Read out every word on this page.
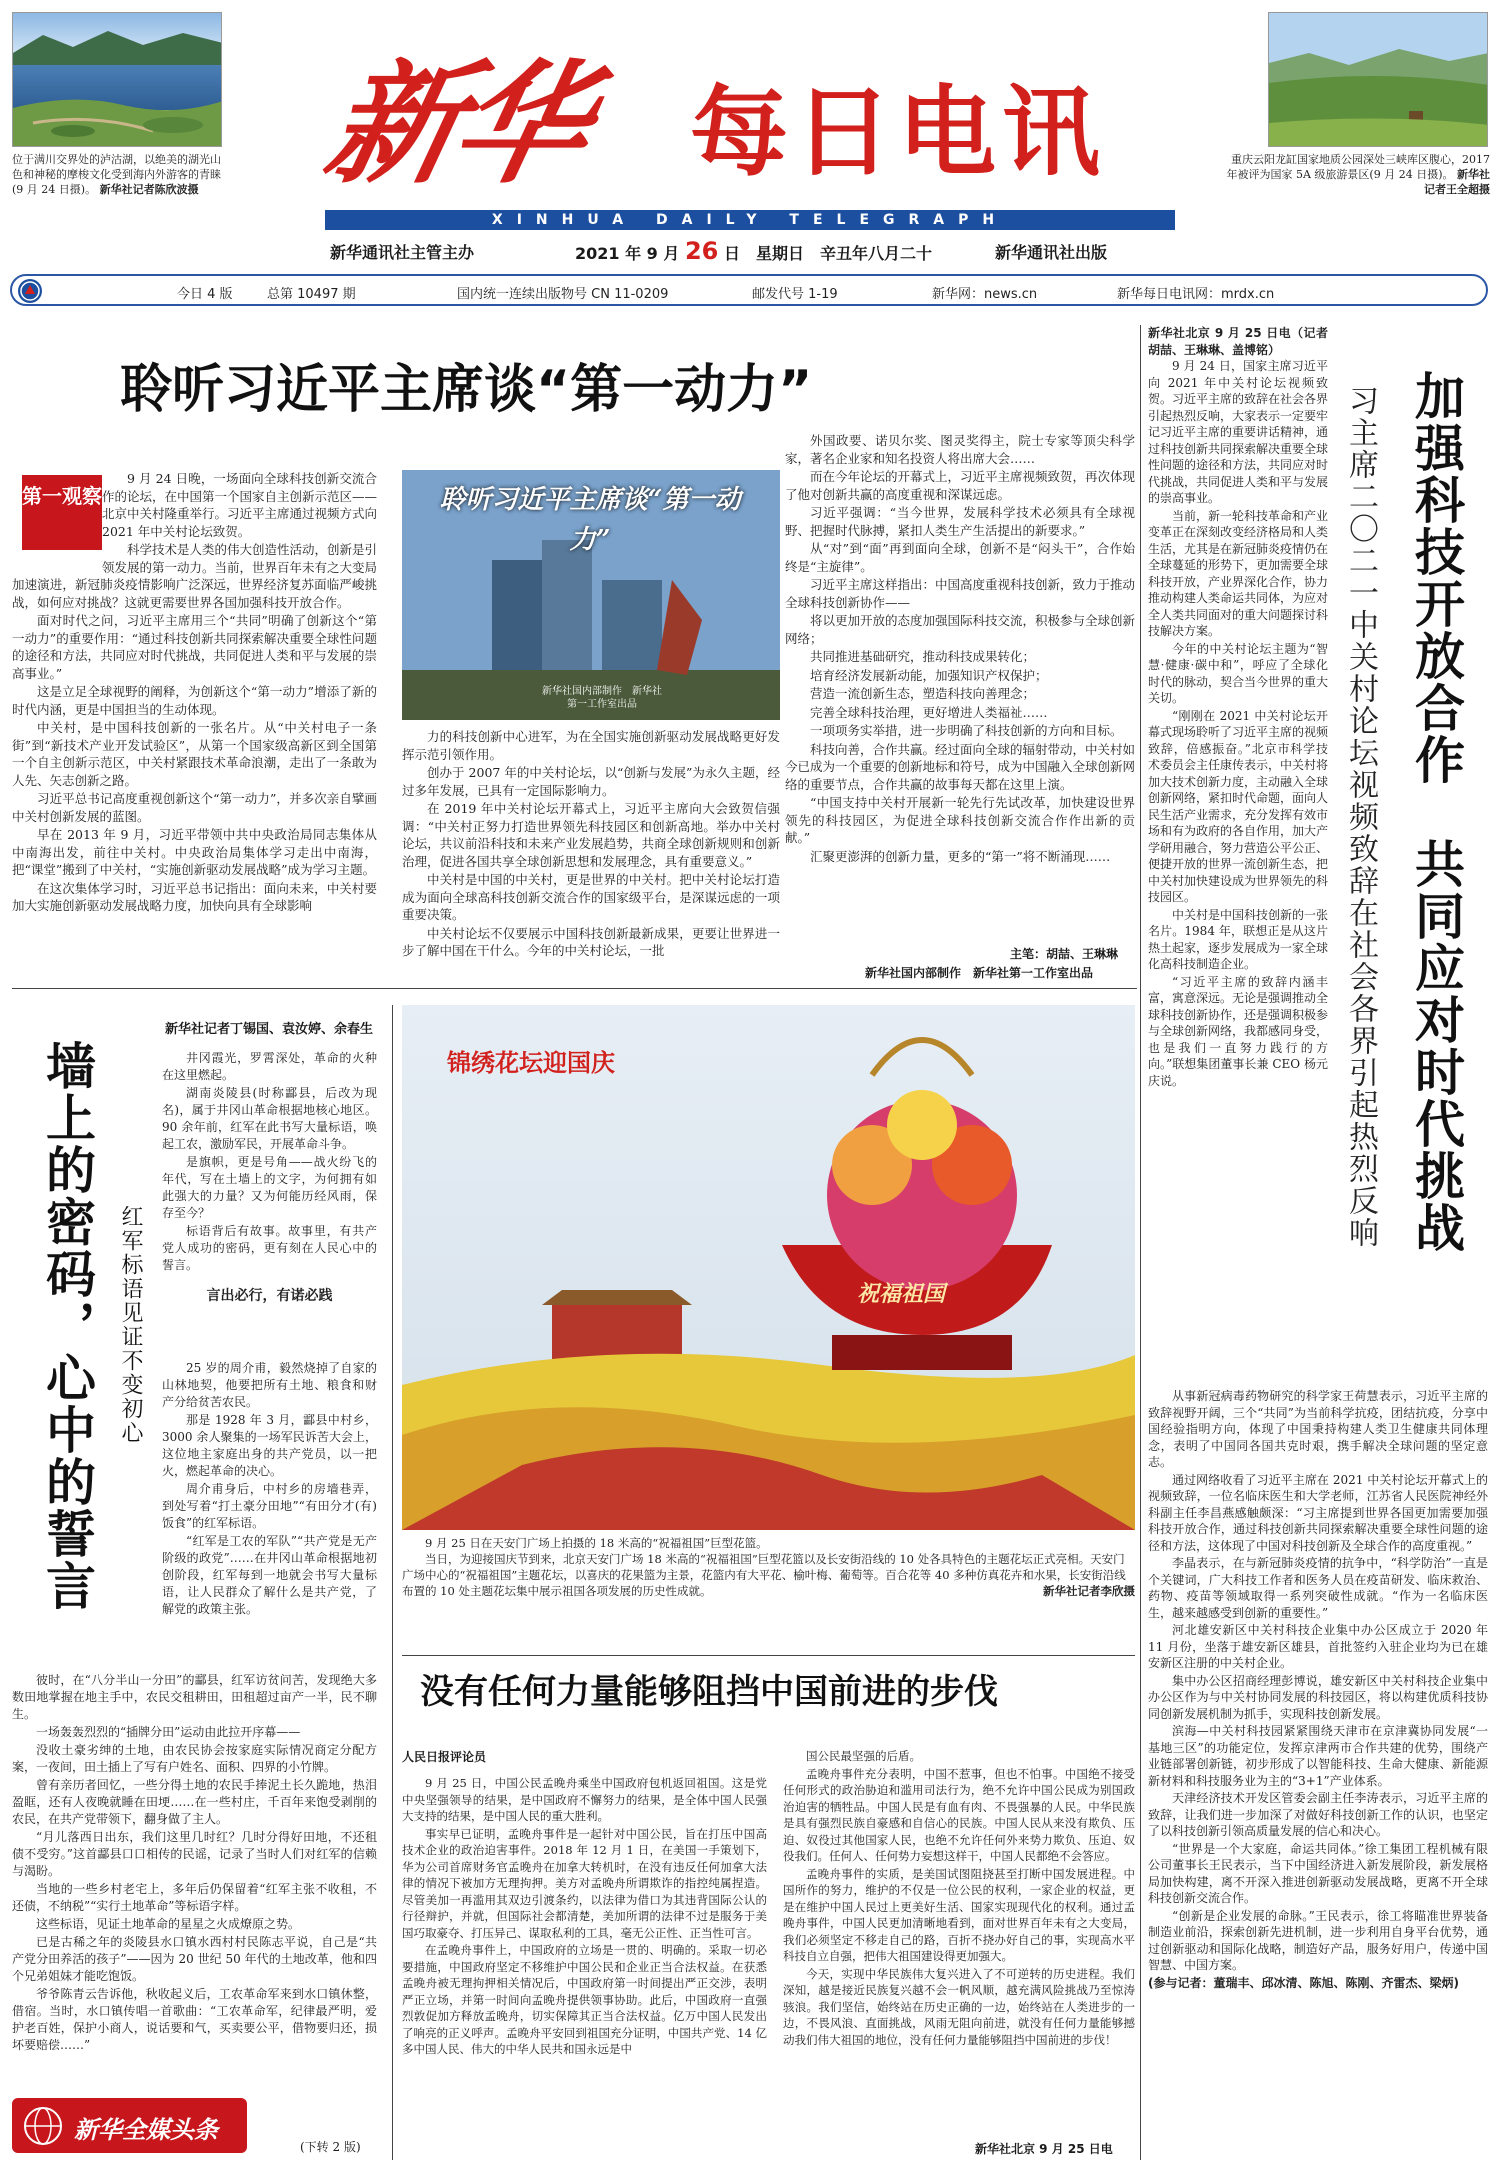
位于满川交界处的泸沽湖，以绝美的湖光山色和神秘的摩梭文化受到海内外游客的青睐(9 月 24 日摄)。 新华社记者陈欣波摄
重庆云阳龙缸国家地质公园深处三峡库区腹心，2017 年被评为国家 5A 级旅游景区(9 月 24 日摄)。 新华社记者王全超摄
新华 每日电讯
XINHUA DAILY TELEGRAPH
新华通讯社主管主办	2021 年 9 月 26 日　星期日　辛丑年八月二十	新华通讯社出版
今日 4 版	总第 10497 期	国内统一连续出版物号 CN 11-0209	邮发代号 1-19	新华网：news.cn	新华每日电讯网：mrdx.cn
聆听习近平主席谈“第一动力”
第一观察

9 月 24 日晚，一场面向全球科技创新交流合作的论坛，在中国第一个国家自主创新示范区——北京中关村隆重举行。习近平主席通过视频方式向 2021 年中关村论坛致贺。

科学技术是人类的伟大创造性活动，创新是引领发展的第一动力。当前，世界百年未有之大变局加速演进，新冠肺炎疫情影响广泛深远，世界经济复苏面临严峻挑战，如何应对挑战？这就更需要世界各国加强科技开放合作。

面对时代之问，习近平主席用三个“共同”明确了创新这个“第一动力”的重要作用：“通过科技创新共同探索解决重要全球性问题的途径和方法，共同应对时代挑战，共同促进人类和平与发展的崇高事业。”

这是立足全球视野的阐释，为创新这个“第一动力”增添了新的时代内涵，更是中国担当的生动体现。

中关村，是中国科技创新的一张名片。从“中关村电子一条街”到“新技术产业开发试验区”，从第一个国家级高新区到全国第一个自主创新示范区，中关村紧跟技术革命浪潮，走出了一条敢为人先、矢志创新之路。

习近平总书记高度重视创新这个“第一动力”，并多次亲自擘画中关村创新发展的蓝图。

早在 2013 年 9 月，习近平带领中共中央政治局同志集体从中南海出发，前往中关村。中央政治局集体学习走出中南海，把“课堂”搬到了中关村，“实施创新驱动发展战略”成为学习主题。

在这次集体学习时，习近平总书记指出：面向未来，中关村要加大实施创新驱动发展战略力度，加快向具有全球影响

聆听习近平主席谈“第一动力”
新华社国内部制作　新华社第一工作室出品

力的科技创新中心进军，为在全国实施创新驱动发展战略更好发挥示范引领作用。

创办于 2007 年的中关村论坛，以“创新与发展”为永久主题，经过多年发展，已具有一定国际影响力。

在 2019 年中关村论坛开幕式上，习近平主席向大会致贺信强调：“中关村正努力打造世界领先科技园区和创新高地。举办中关村论坛，共议前沿科技和未来产业发展趋势，共商全球创新规则和创新治理，促进各国共享全球创新思想和发展理念，具有重要意义。”

中关村是中国的中关村，更是世界的中关村。把中关村论坛打造成为面向全球高科技创新交流合作的国家级平台，是深谋远虑的一项重要决策。

中关村论坛不仅要展示中国科技创新最新成果，更要让世界进一步了解中国在干什么。今年的中关村论坛，一批

外国政要、诺贝尔奖、图灵奖得主，院士专家等顶尖科学家，著名企业家和知名投资人将出席大会……

而在今年论坛的开幕式上，习近平主席视频致贺，再次体现了他对创新共赢的高度重视和深谋远虑。

习近平强调：“当今世界，发展科学技术必须具有全球视野、把握时代脉搏，紧扣人类生产生活提出的新要求。”

从“对”到“面”再到面向全球，创新不是“闷头干”，合作始终是“主旋律”。

习近平主席这样指出：中国高度重视科技创新，致力于推动全球科技创新协作——

将以更加开放的态度加强国际科技交流，积极参与全球创新网络；

共同推进基础研究，推动科技成果转化；

培育经济发展新动能，加强知识产权保护；

营造一流创新生态，塑造科技向善理念；

完善全球科技治理，更好增进人类福祉……

一项项务实举措，进一步明确了科技创新的方向和目标。

科技向善，合作共赢。经过面向全球的辐射带动，中关村如今已成为一个重要的创新地标和符号，成为中国融入全球创新网络的重要节点，合作共赢的故事每天都在这里上演。

“中国支持中关村开展新一轮先行先试改革，加快建设世界领先的科技园区，为促进全球科技创新交流合作作出新的贡献。”

汇聚更澎湃的创新力量，更多的“第一”将不断涌现……

主笔：胡喆、王琳琳
新华社国内部制作　新华社第一工作室出品
新华社北京 9 月 25 日电（记者胡喆、王琳琳、盖博铭）

9 月 24 日，国家主席习近平向 2021 年中关村论坛视频致贺。习近平主席的致辞在社会各界引起热烈反响，大家表示一定要牢记习近平主席的重要讲话精神，通过科技创新共同探索解决重要全球性问题的途径和方法，共同应对时代挑战，共同促进人类和平与发展的崇高事业。

当前，新一轮科技革命和产业变革正在深刻改变经济格局和人类生活，尤其是在新冠肺炎疫情仍在全球蔓延的形势下，更加需要全球科技开放，产业界深化合作，协力推动构建人类命运共同体，为应对全人类共同面对的重大问题探讨科技解决方案。

今年的中关村论坛主题为“智慧·健康·碳中和”，呼应了全球化时代的脉动，契合当今世界的重大关切。

“刚刚在 2021 中关村论坛开幕式现场聆听了习近平主席的视频致辞，倍感振奋。”北京市科学技术委员会主任康传表示，中关村将加大技术创新力度，主动融入全球创新网络，紧扣时代命题，面向人民生活产业需求，充分发挥有效市场和有为政府的各自作用，加大产学研用融合，努力营造公平公正、便捷开放的世界一流创新生态，把中关村加快建设成为世界领先的科技园区。

中关村是中国科技创新的一张名片。1984 年，联想正是从这片热土起家，逐步发展成为一家全球化高科技制造企业。

“习近平主席的致辞内涵丰富，寓意深远。无论是强调推动全球科技创新协作，还是强调积极参与全球创新网络，我都感同身受，也是我们一直努力践行的方向。”联想集团董事长兼 CEO 杨元庆说。	加强科技开放合作　共同应对时代挑战
习主席二〇二一中关村论坛视频致辞在社会各界引起热烈反响

从事新冠病毒药物研究的科学家王荷慧表示，习近平主席的致辞视野开阔，三个“共同”为当前科学抗疫，团结抗疫，分享中国经验指明方向，体现了中国秉持构建人类卫生健康共同体理念，表明了中国同各国共克时艰，携手解决全球问题的坚定意志。

通过网络收看了习近平主席在 2021 中关村论坛开幕式上的视频致辞，一位名临床医生和大学老师，江苏省人民医院神经外科副主任李昌燕感触颇深：“习主席提到世界各国更加需要加强科技开放合作，通过科技创新共同探索解决重要全球性问题的途径和方法，这体现了中国对科技创新及全球合作的高度重视。”

李晶表示，在与新冠肺炎疫情的抗争中，“科学防治”一直是个关键词，广大科技工作者和医务人员在疫苗研发、临床救治、药物、疫苗等领域取得一系列突破性成就。“作为一名临床医生，越来越感受到创新的重要性。”

河北雄安新区中关村科技企业集中办公区成立于 2020 年 11 月份，坐落于雄安新区雄县，首批签约入驻企业均为已在雄安新区注册的中关村企业。

集中办公区招商经理彭博说，雄安新区中关村科技企业集中办公区作为与中关村协同发展的科技园区，将以构建优质科技协同创新发展机制为抓手，实现科技创新发展。

滨海—中关村科技园紧紧围绕天津市在京津冀协同发展“一基地三区”的功能定位，发挥京津两市合作共建的优势，围绕产业链部署创新链，初步形成了以智能科技、生命大健康、新能源新材料和科技服务业为主的“3+1”产业体系。

天津经济技术开发区管委会副主任李涛表示，习近平主席的致辞，让我们进一步加深了对做好科技创新工作的认识，也坚定了以科技创新引领高质量发展的信心和决心。

“世界是一个大家庭，命运共同体。”徐工集团工程机械有限公司董事长王民表示，当下中国经济进入新发展阶段，新发展格局加快构建，离不开深入推进创新驱动发展战略，更离不开全球科技创新交流合作。

“创新是企业发展的命脉。”王民表示，徐工将瞄准世界装备制造业前沿，探索创新先进机制，进一步利用自身平台优势，通过创新驱动和国际化战略，制造好产品，服务好用户，传递中国智慧、中国方案。

(参与记者：董瑞丰、邱冰清、陈旭、陈刚、齐雷杰、梁炳)
新华社记者丁锡国、袁汝婷、余春生
墙上的密码，心中的誓言 红军标语见证不变初心

井冈霞光，罗霄深处，革命的火种在这里燃起。

湖南炎陵县(时称酃县，后改为现名)，属于井冈山革命根据地核心地区。90 余年前，红军在此书写大量标语，唤起工农，激励军民，开展革命斗争。

是旗帜，更是号角——战火纷飞的年代，写在土墙上的文字，为何拥有如此强大的力量？又为何能历经风雨，保存至今？

标语背后有故事。故事里，有共产党人成功的密码，更有刻在人民心中的誓言。

言出必行，有诺必践

25 岁的周介甫，毅然烧掉了自家的山林地契，他要把所有土地、粮食和财产分给贫苦农民。

那是 1928 年 3 月，酃县中村乡，3000 余人聚集的一场军民诉苦大会上，这位地主家庭出身的共产党员，以一把火，燃起革命的决心。

周介甫身后，中村乡的房墙巷弄，到处写着“打土豪分田地”“有田分才(有)饭食”的红军标语。

“红军是工农的军队”“共产党是无产阶级的政党”……在井冈山革命根据地初创阶段，红军每到一地就会书写大量标语，让人民群众了解什么是共产党，了解党的政策主张。

彼时，在“八分半山一分田”的酃县，红军访贫问苦，发现绝大多数田地掌握在地主手中，农民交租耕田，田租超过亩产一半，民不聊生。

一场轰轰烈烈的“插牌分田”运动由此拉开序幕——

没收土豪劣绅的土地，由农民协会按家庭实际情况商定分配方案，一夜间，田土插上了写有户姓名、面积、四界的小竹牌。

曾有亲历者回忆，一些分得土地的农民手捧泥土长久跪地，热泪盈眶，还有人夜晚就睡在田埂……在一些村庄，千百年来饱受剥削的农民，在共产党带领下，翻身做了主人。

“月儿落西日出东，我们这里几时红？几时分得好田地，不还租债不受穷。”这首酃县口口相传的民谣，记录了当时人们对红军的信赖与渴盼。

当地的一些乡村老宅上，多年后仍保留着“红军主张不收租，不还债，不纳税”“实行土地革命”等标语字样。

这些标语，见证土地革命的星星之火成燎原之势。

已是古稀之年的炎陵县水口镇水西村村民陈志平说，自己是“共产党分田养活的孩子”——因为 20 世纪 50 年代的土地改革，他和四个兄弟姐妹才能吃饱饭。

爷爷陈青云告诉他，秋收起义后，工农革命军来到水口镇休整，借宿。当时，水口镇传唱一首歌曲：“工农革命军，纪律最严明，爱护老百姓，保护小商人，说话要和气，买卖要公平，借物要归还，损坏要赔偿……”

(下转 2 版)
新华全媒头条
锦绣花坛迎国庆
祝福祖国
9 月 25 日在天安门广场上拍摄的 18 米高的“祝福祖国”巨型花篮。
当日，为迎接国庆节到来，北京天安门广场 18 米高的“祝福祖国”巨型花篮以及长安街沿线的 10 处各具特色的主题花坛正式亮相。天安门广场中心的“祝福祖国”主题花坛，以喜庆的花果篮为主景，花篮内有大平花、榆叶梅、葡萄等。百合花等 40 多种仿真花卉和水果，长安街沿线布置的 10 处主题花坛集中展示祖国各项发展的历史性成就。	新华社记者李欣摄
没有任何力量能够阻挡中国前进的步伐
人民日报评论员

9 月 25 日，中国公民孟晚舟乘坐中国政府包机返回祖国。这是党中央坚强领导的结果，是中国政府不懈努力的结果，是全体中国人民强大支持的结果，是中国人民的重大胜利。

事实早已证明，孟晚舟事件是一起针对中国公民，旨在打压中国高技术企业的政治迫害事件。2018 年 12 月 1 日，在美国一手策划下，华为公司首席财务官孟晚舟在加拿大转机时，在没有违反任何加拿大法律的情况下被加方无理拘押。美方对孟晚舟所谓欺诈的指控纯属捏造。尽管美加一再滥用其双边引渡条约，以法律为借口为其违背国际公认的行径辩护，并就，但国际社会都清楚，美加所谓的法律不过是服务于美国巧取豪夺、打压异己、谋取私利的工具，毫无公正性、正当性可言。

在孟晚舟事件上，中国政府的立场是一贯的、明确的。采取一切必要措施，中国政府坚定不移维护中国公民和企业正当合法权益。在获悉孟晚舟被无理拘押相关情况后，中国政府第一时间提出严正交涉，表明严正立场，并第一时间向孟晚舟提供领事协助。此后，中国政府一直强烈敦促加方释放孟晚舟，切实保障其正当合法权益。亿万中国人民发出了响亮的正义呼声。孟晚舟平安回到祖国充分证明，中国共产党、14 亿多中国人民、伟大的中华人民共和国永远是中

国公民最坚强的后盾。

孟晚舟事件充分表明，中国不惹事，但也不怕事。中国绝不接受任何形式的政治胁迫和滥用司法行为，绝不允许中国公民成为别国政治迫害的牺牲品。中国人民是有血有肉、不畏强暴的人民。中华民族是具有强烈民族自豪感和自信心的民族。中国人民从来没有欺负、压迫、奴役过其他国家人民，也绝不允许任何外来势力欺负、压迫、奴役我们。任何人、任何势力妄想这样干，中国人民都绝不会答应。

孟晚舟事件的实质，是美国试图阻挠甚至打断中国发展进程。中国所作的努力，维护的不仅是一位公民的权利，一家企业的权益，更是在维护中国人民过上更美好生活、国家实现现代化的权利。通过孟晚舟事件，中国人民更加清晰地看到，面对世界百年未有之大变局，我们必须坚定不移走自己的路，百折不挠办好自己的事，实现高水平科技自立自强，把伟大祖国建设得更加强大。

今天，实现中华民族伟大复兴进入了不可逆转的历史进程。我们深知，越是接近民族复兴越不会一帆风顺，越充满风险挑战乃至惊涛骇浪。我们坚信，始终站在历史正确的一边，始终站在人类进步的一边，不畏风浪、直面挑战，风雨无阻向前进，就没有任何力量能够撼动我们伟大祖国的地位，没有任何力量能够阻挡中国前进的步伐！

新华社北京 9 月 25 日电
